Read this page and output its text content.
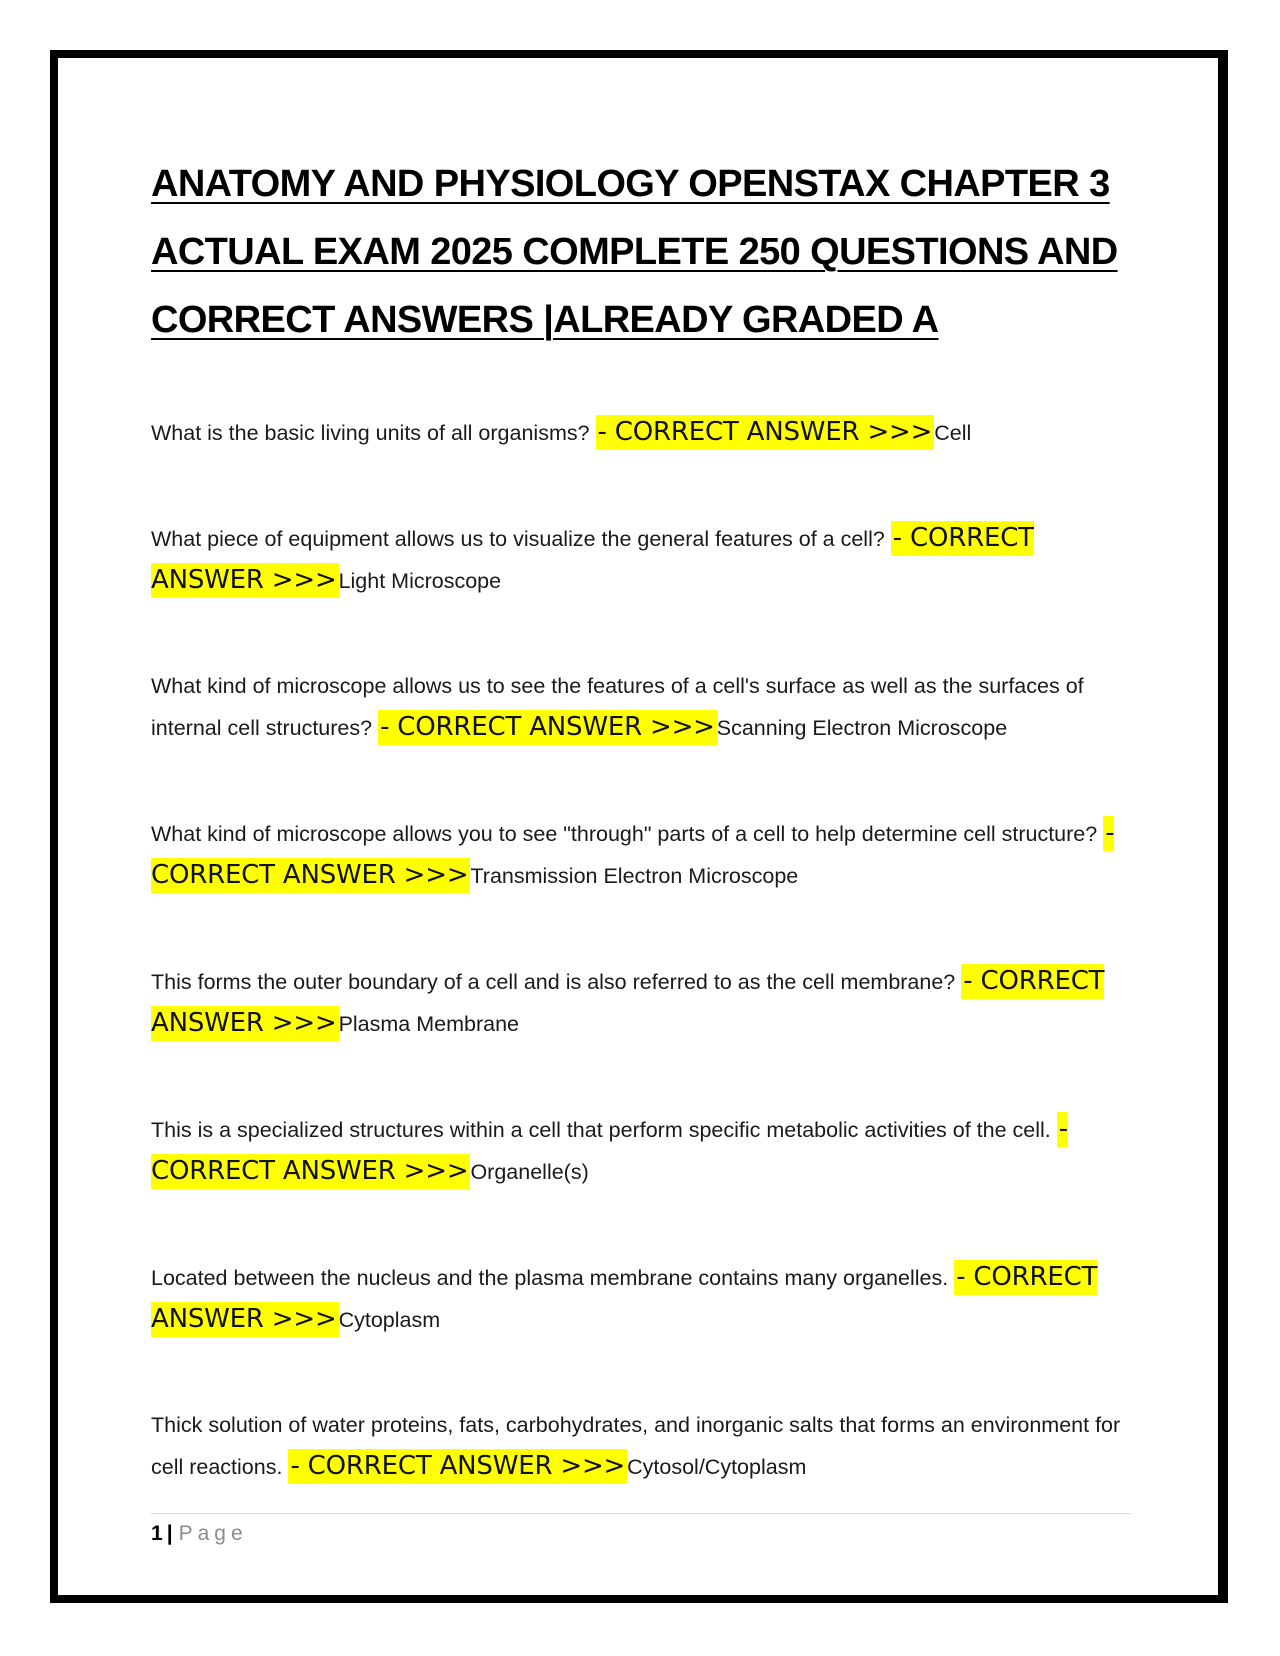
ANATOMY AND PHYSIOLOGY OPENSTAX CHAPTER 3 ACTUAL EXAM 2025 COMPLETE 250 QUESTIONS AND CORRECT ANSWERS |ALREADY GRADED A

What is the basic living units of all organisms? - CORRECT ANSWER >>>Cell

What piece of equipment allows us to visualize the general features of a cell? - CORRECT ANSWER >>>Light Microscope

What kind of microscope allows us to see the features of a cell's surface as well as the surfaces of internal cell structures? - CORRECT ANSWER >>>Scanning Electron Microscope

What kind of microscope allows you to see "through" parts of a cell to help determine cell structure? - CORRECT ANSWER >>>Transmission Electron Microscope

This forms the outer boundary of a cell and is also referred to as the cell membrane? - CORRECT ANSWER >>>Plasma Membrane

This is a specialized structures within a cell that perform specific metabolic activities of the cell. - CORRECT ANSWER >>>Organelle(s)

Located between the nucleus and the plasma membrane contains many organelles. - CORRECT ANSWER >>>Cytoplasm

Thick solution of water proteins, fats, carbohydrates, and inorganic salts that forms an environment for cell reactions. - CORRECT ANSWER >>>Cytosol/Cytoplasm

1 | Page
